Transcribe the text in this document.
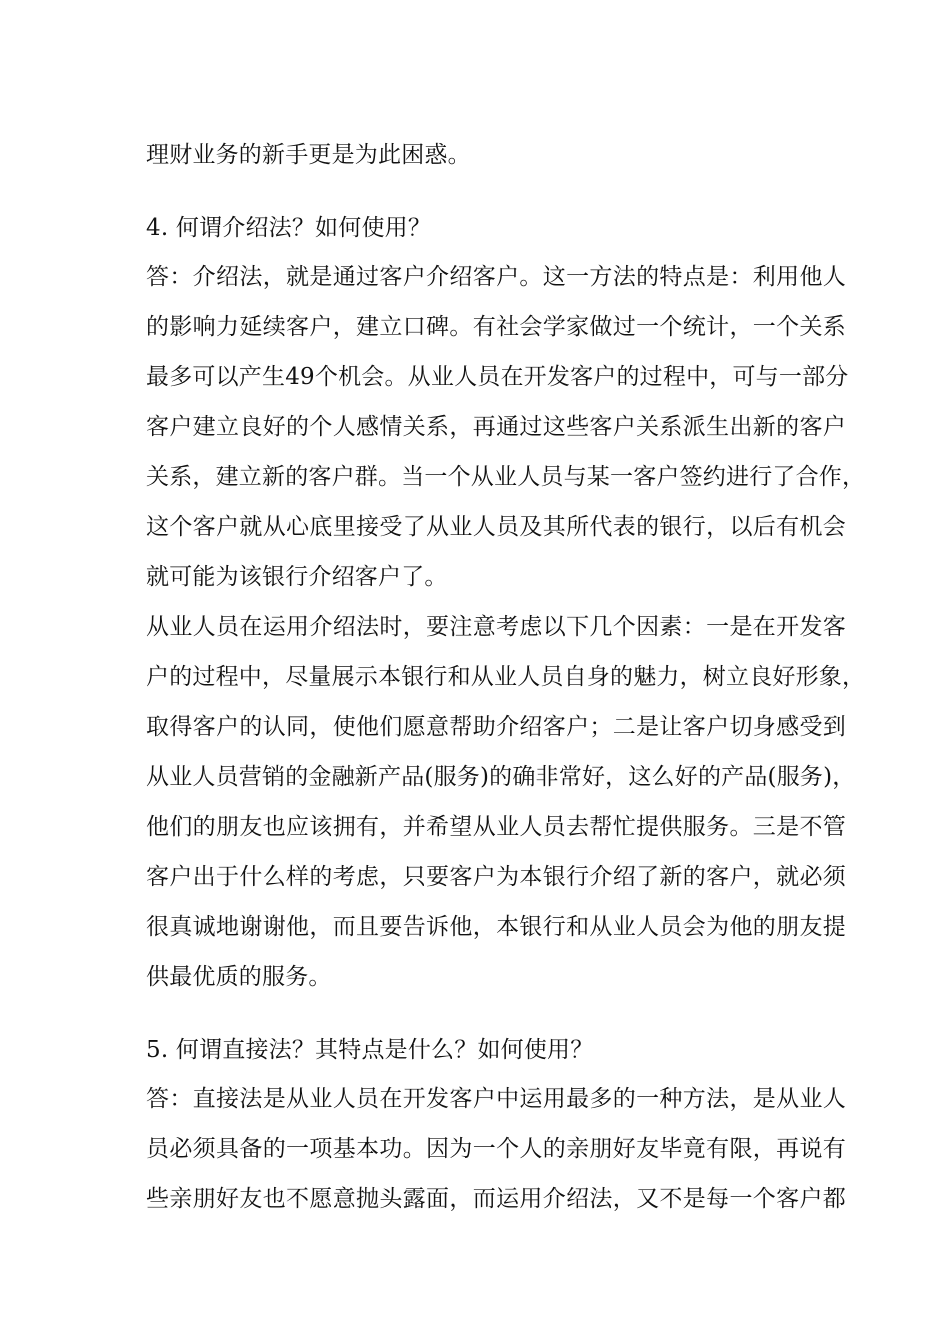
理财业务的新手更是为此困惑。
4. 何谓介绍法？如何使用？
答：介绍法，就是通过客户介绍客户。这一方法的特点是：利用他人
的影响力延续客户，建立口碑。有社会学家做过一个统计，一个关系
最多可以产生49个机会。从业人员在开发客户的过程中，可与一部分
客户建立良好的个人感情关系，再通过这些客户关系派生出新的客户
关系，建立新的客户群。当一个从业人员与某一客户签约进行了合作，
这个客户就从心底里接受了从业人员及其所代表的银行，以后有机会
就可能为该银行介绍客户了。
从业人员在运用介绍法时，要注意考虑以下几个因素：一是在开发客
户的过程中，尽量展示本银行和从业人员自身的魅力，树立良好形象，
取得客户的认同，使他们愿意帮助介绍客户；二是让客户切身感受到
从业人员营销的金融新产品(服务)的确非常好，这么好的产品(服务)，
他们的朋友也应该拥有，并希望从业人员去帮忙提供服务。三是不管
客户出于什么样的考虑，只要客户为本银行介绍了新的客户，就必须
很真诚地谢谢他，而且要告诉他，本银行和从业人员会为他的朋友提
供最优质的服务。
5. 何谓直接法？其特点是什么？如何使用？
答：直接法是从业人员在开发客户中运用最多的一种方法，是从业人
员必须具备的一项基本功。因为一个人的亲朋好友毕竟有限，再说有
些亲朋好友也不愿意抛头露面，而运用介绍法，又不是每一个客户都
